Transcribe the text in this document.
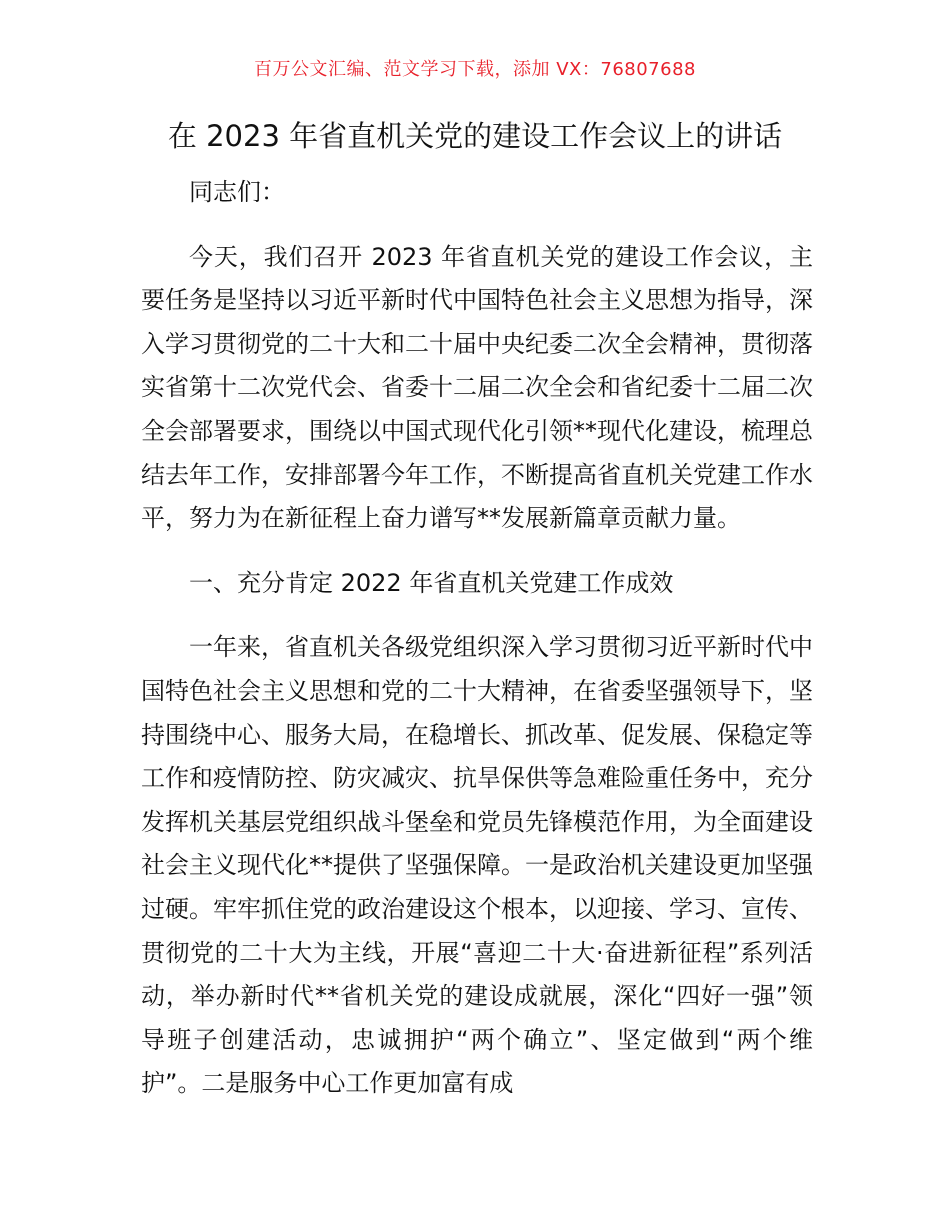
百万公文汇编、范文学习下载，添加 VX：76807688
在 2023 年省直机关党的建设工作会议上的讲话

同志们：

今天，我们召开 2023 年省直机关党的建设工作会议，主要任务是坚持以习近平新时代中国特色社会主义思想为指导，深入学习贯彻党的二十大和二十届中央纪委二次全会精神，贯彻落实省第十二次党代会、省委十二届二次全会和省纪委十二届二次全会部署要求，围绕以中国式现代化引领**现代化建设，梳理总结去年工作，安排部署今年工作，不断提高省直机关党建工作水平，努力为在新征程上奋力谱写**发展新篇章贡献力量。

一、充分肯定 2022 年省直机关党建工作成效

一年来，省直机关各级党组织深入学习贯彻习近平新时代中国特色社会主义思想和党的二十大精神，在省委坚强领导下，坚持围绕中心、服务大局，在稳增长、抓改革、促发展、保稳定等工作和疫情防控、防灾减灾、抗旱保供等急难险重任务中，充分发挥机关基层党组织战斗堡垒和党员先锋模范作用，为全面建设社会主义现代化**提供了坚强保障。一是政治机关建设更加坚强过硬。牢牢抓住党的政治建设这个根本，以迎接、学习、宣传、贯彻党的二十大为主线，开展“喜迎二十大·奋进新征程”系列活动，举办新时代**省机关党的建设成就展，深化“四好一强”领导班子创建活动，忠诚拥护“两个确立”、坚定做到“两个维护”。二是服务中心工作更加富有成
